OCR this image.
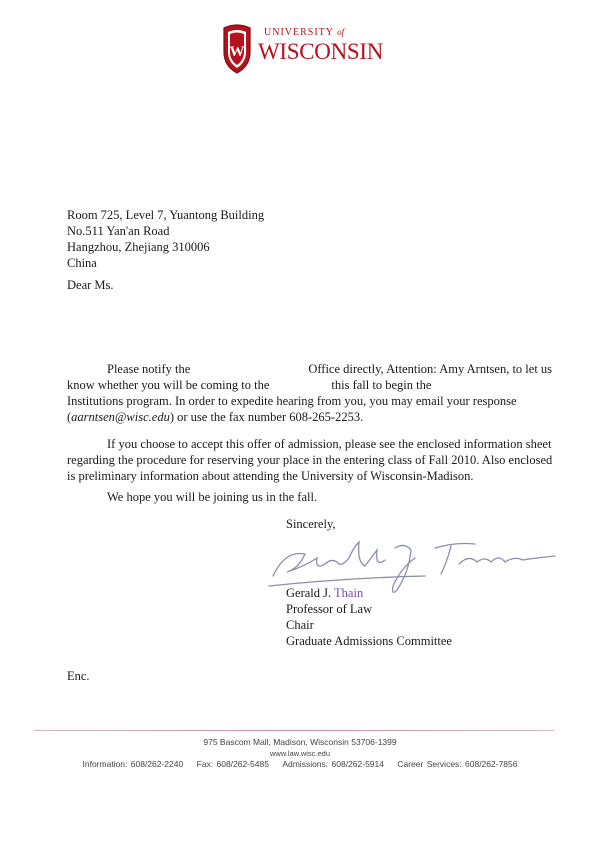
W
UNIVERSITY of
WISCONSIN
Room 725, Level 7, Yuantong Building
No.511 Yan'an Road
Hangzhou, Zhejiang 310006
China
Dear Ms.
Please notify the	Office directly, Attention: Amy Arntsen, to let us
know whether you will be coming to the	this fall to begin the
Institutions program. In order to expedite hearing from you, you may email your response
(aarntsen@wisc.edu) or use the fax number 608-265-2253.
If you choose to accept this offer of admission, please see the enclosed information sheet
regarding the procedure for reserving your place in the entering class of Fall 2010. Also enclosed
is preliminary information about attending the University of Wisconsin-Madison.
We hope you will be joining us in the fall.
Sincerely,
Gerald J. Thain
Professor of Law
Chair
Graduate Admissions Committee
Enc.
975 Bascom Mall, Madison, Wisconsin 53706-1399
www.law.wisc.edu
Information: 608/262-2240 Fax: 608/262-5485 Admissions: 608/262-5914 Career Services: 608/262-7856
